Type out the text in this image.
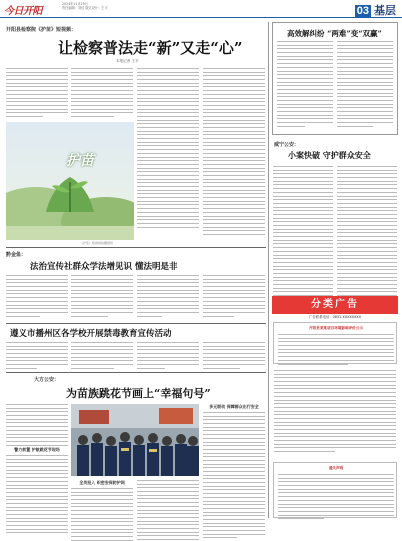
今日开阳
2024年11月29日
责任编辑：刘佳 版式设计：王平	03 基层
开阳县检察院《护苗》短视频：
让检察普法走“新”又走“心”
本报记者 王平
护苗
《护苗》短视频拍摄现场
黔金鱼：
法治宣传社群众学法增见识 懂法明是非
遵义市播州区各学校开展禁毒教育宣传活动
大方公安：
为苗族跳花节画上“幸福句号”
警力前置 护航跳花节现场
全员投入 织密安保防护网
多元联动 保障群众出行安全
高效解纠纷 “两难”变“双赢”
威宁公安：
小案快破 守护群众安全
分类广告
广告联系电话：0851-XXXXXXXX
开阳县某某项目环境影响评价公示
遗失声明
